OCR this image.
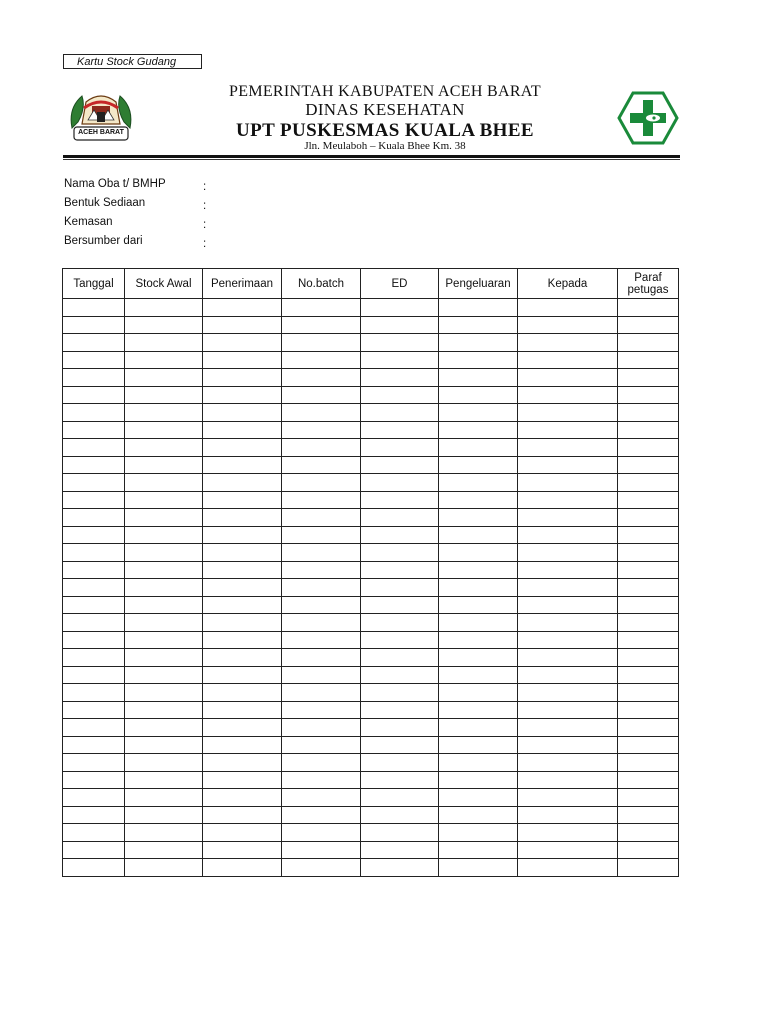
Kartu Stock Gudang
ACEH BARAT
PEMERINTAH KABUPATEN ACEH BARAT
DINAS KESEHATAN
UPT PUSKESMAS KUALA BHEE
Jln. Meulaboh – Kuala Bhee Km. 38
Nama Oba t/ BMHP	:
Bentuk Sediaan	:
Kemasan	:
Bersumber dari	:
Tanggal	Stock Awal	Penerimaan	No.batch	ED	Pengeluaran	Kepada	Paraf petugas
